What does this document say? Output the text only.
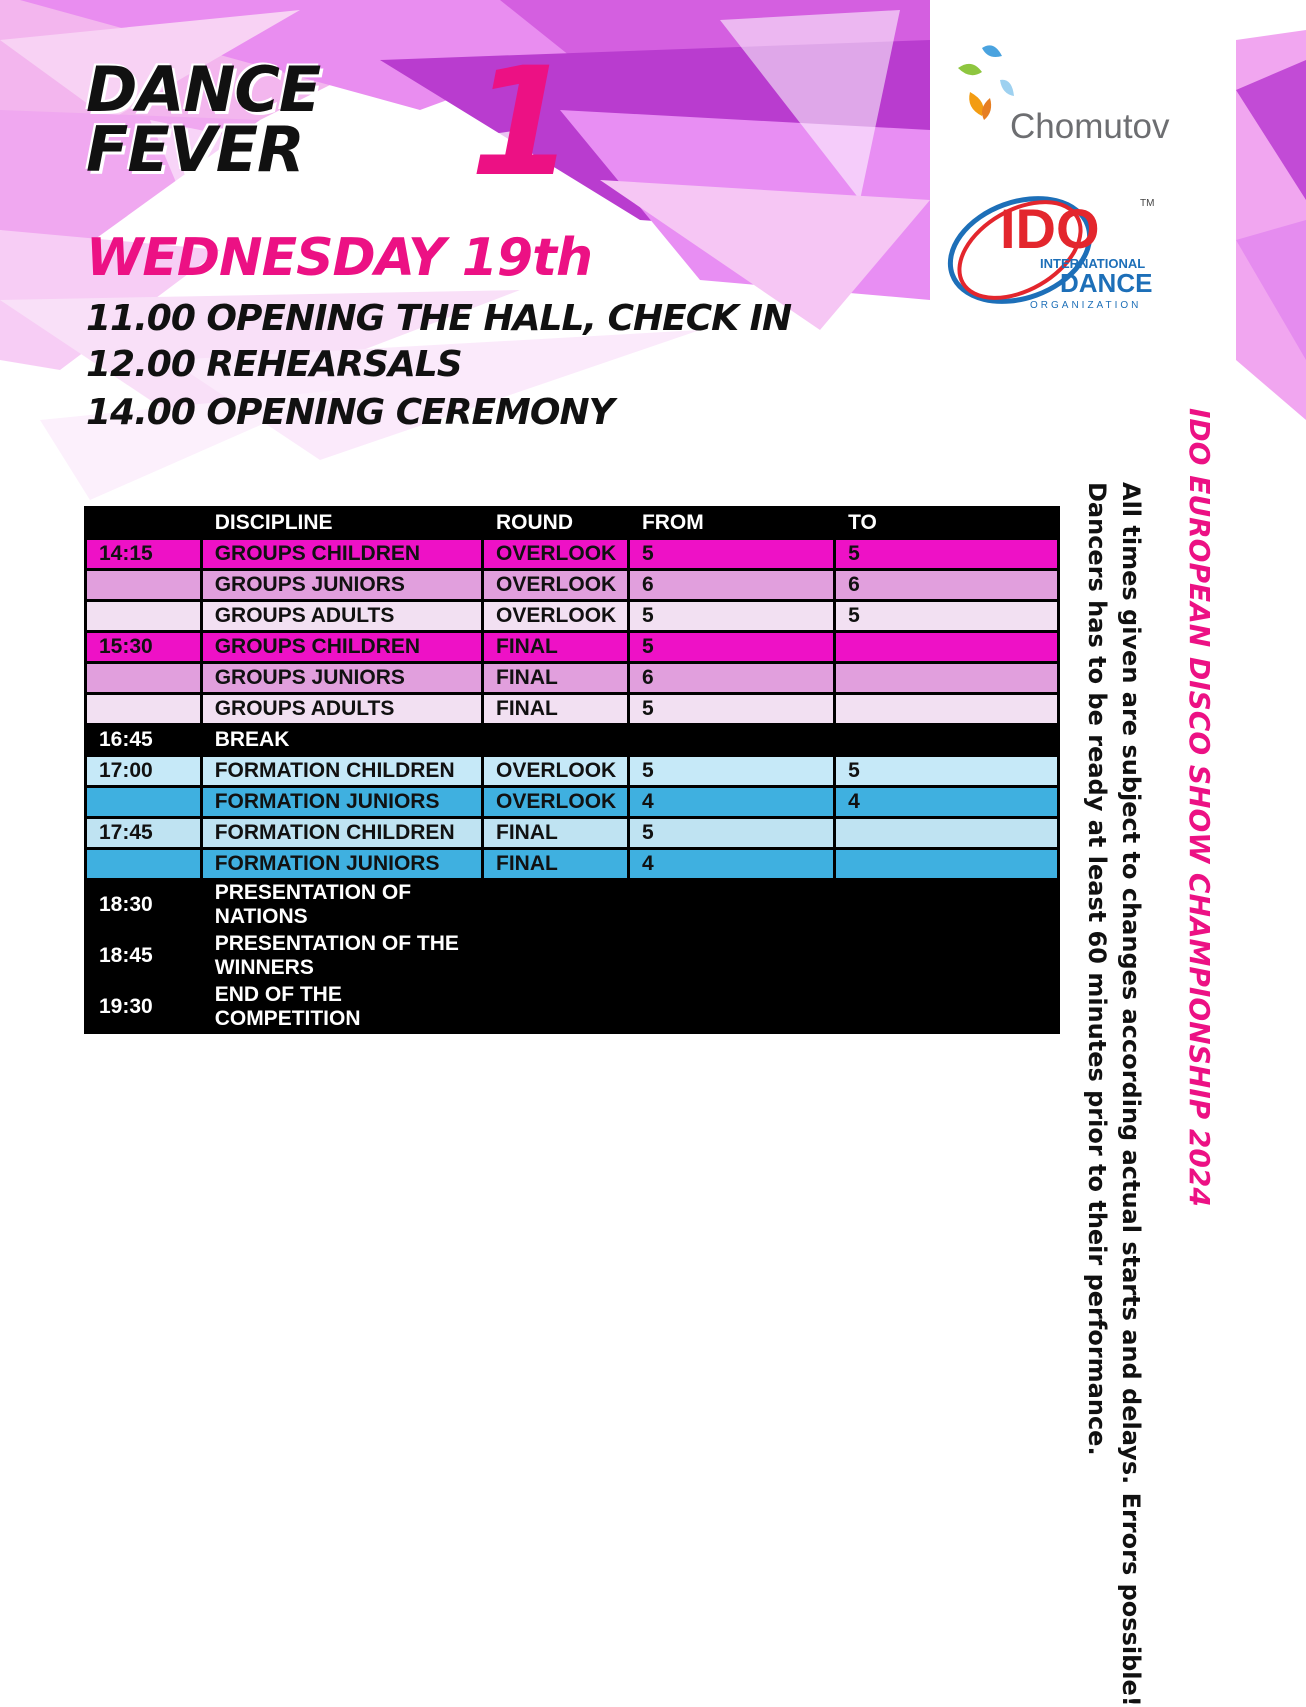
Chomutov
IDO	TM
INTERNATIONAL
DANCE
ORGANIZATION
DANCE
FEVER 1
WEDNESDAY 19th
11.00 OPENING THE HALL, CHECK IN
12.00 REHEARSALS
14.00 OPENING CEREMONY
	DISCIPLINE	ROUND	FROM	TO
14:15	GROUPS CHILDREN	OVERLOOK	5	5
	GROUPS JUNIORS	OVERLOOK	6	6
	GROUPS ADULTS	OVERLOOK	5	5
15:30	GROUPS CHILDREN	FINAL	5	
	GROUPS JUNIORS	FINAL	6	
	GROUPS ADULTS	FINAL	5	
16:45	BREAK			
17:00	FORMATION CHILDREN	OVERLOOK	5	5
	FORMATION JUNIORS	OVERLOOK	4	4
17:45	FORMATION CHILDREN	FINAL	5	
	FORMATION JUNIORS	FINAL	4	
18:30	PRESENTATION OF NATIONS			
18:45	PRESENTATION OF THE WINNERS			
19:30	END OF THE COMPETITION				IDO EUROPEAN DISCO SHOW CHAMPIONSHIP 2024
All times given are subject to changes according actual starts and delays. Errors possible!
Dancers has to be ready at least 60 minutes prior to their performance.
